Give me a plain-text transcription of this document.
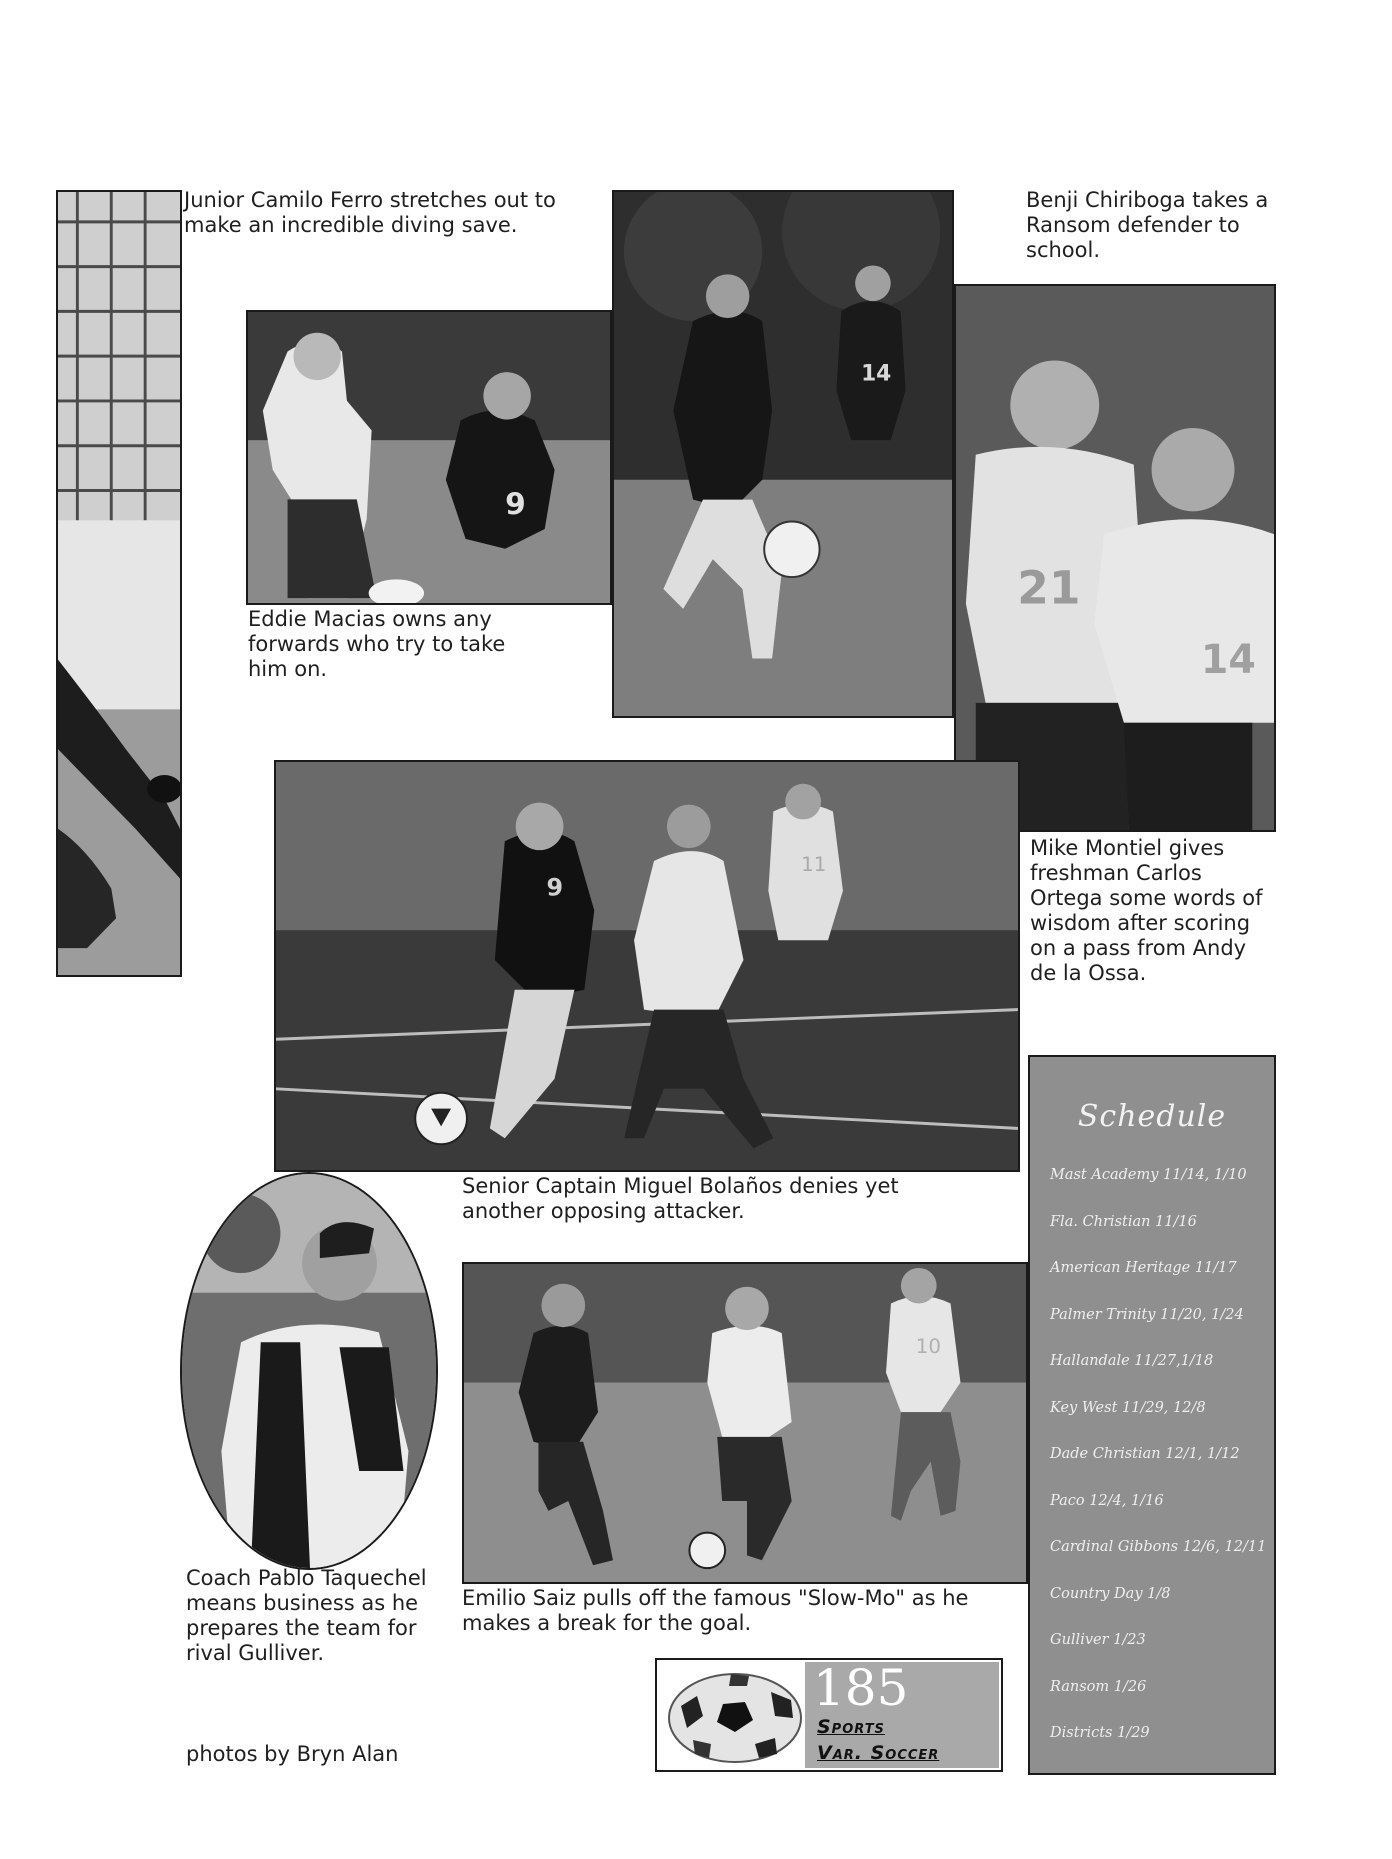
Junior Camilo Ferro stretches out to make an incredible diving save.
9
Eddie Macias owns any forwards who try to take him on.
14
Benji Chiriboga takes a Ransom defender to school.
21
14
Mike Montiel gives freshman Carlos Ortega some words of wisdom after scoring on a pass from Andy de la Ossa.
9
11
Senior Captain Miguel Bolaños denies yet another opposing attacker.
Coach Pablo Taquechel means business as he prepares the team for rival Gulliver.
10
Emilio Saiz pulls off the famous "Slow-Mo" as he makes a break for the goal.
photos by Bryn Alan
Schedule
Mast Academy 11/14, 1/10
Fla. Christian 11/16
American Heritage 11/17
Palmer Trinity 11/20, 1/24
Hallandale 11/27,1/18
Key West 11/29, 12/8
Dade Christian 12/1, 1/12
Paco 12/4, 1/16
Cardinal Gibbons 12/6, 12/11
Country Day 1/8
Gulliver 1/23
Ransom 1/26
Districts 1/29
185
Sports
Var. Soccer
